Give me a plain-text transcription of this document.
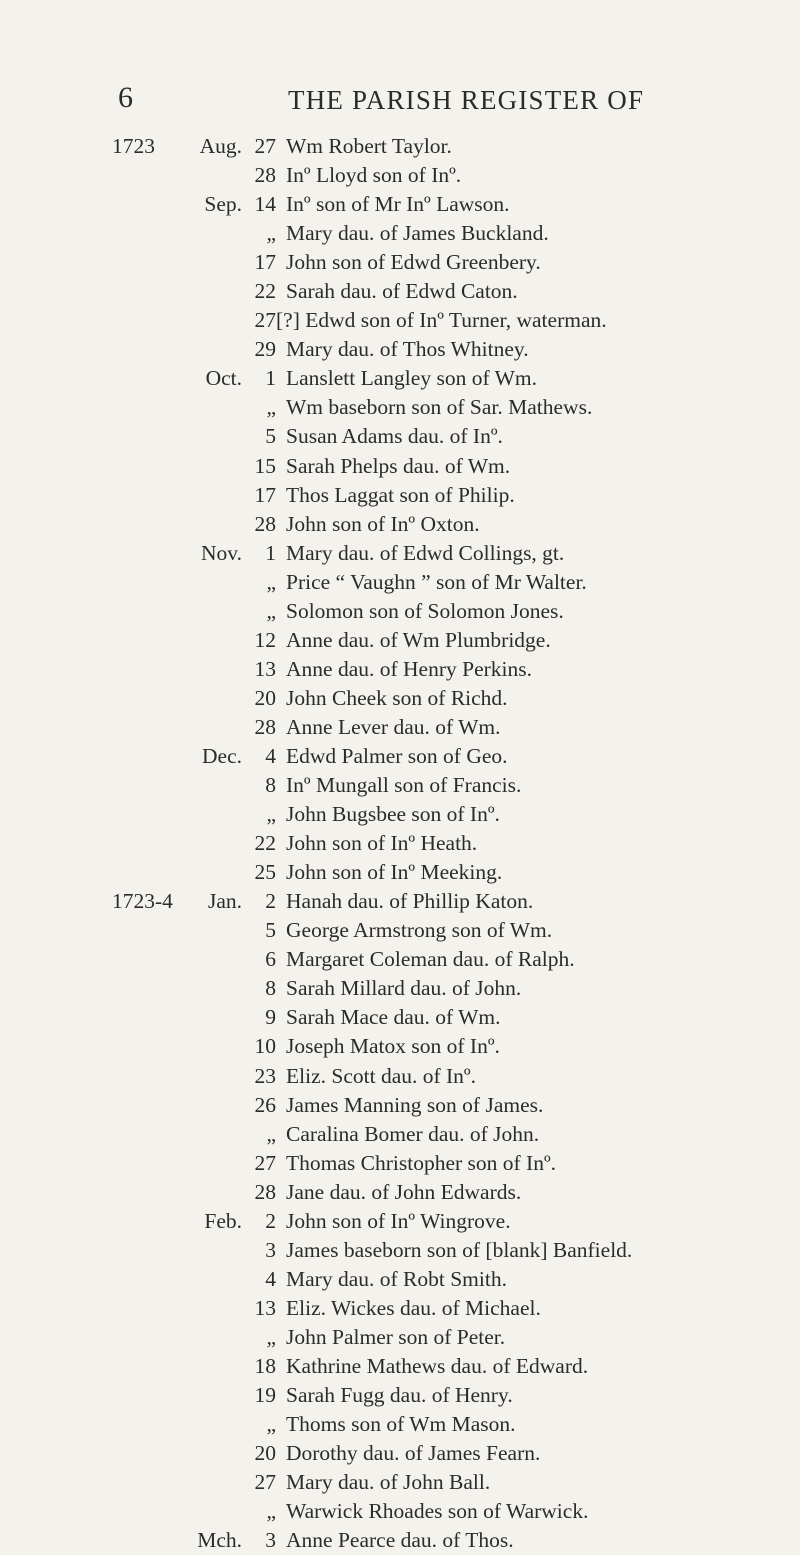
6	THE PARISH REGISTER OF
1723 Aug. 27 Wm Robert Taylor.
28 Inº Lloyd son of Inº.
Sep. 14 Inº son of Mr Inº Lawson.
„ Mary dau. of James Buckland.
17 John son of Edwd Greenbery.
22 Sarah dau. of Edwd Caton.
27 [?] Edwd son of Inº Turner, waterman.
29 Mary dau. of Thos Whitney.
Oct. 1 Lanslett Langley son of Wm.
„ Wm baseborn son of Sar. Mathews.
5 Susan Adams dau. of Inº.
15 Sarah Phelps dau. of Wm.
17 Thos Laggat son of Philip.
28 John son of Inº Oxton.
Nov. 1 Mary dau. of Edwd Collings, gt.
„ Price “ Vaughn ” son of Mr Walter.
„ Solomon son of Solomon Jones.
12 Anne dau. of Wm Plumbridge.
13 Anne dau. of Henry Perkins.
20 John Cheek son of Richd.
28 Anne Lever dau. of Wm.
Dec. 4 Edwd Palmer son of Geo.
8 Inº Mungall son of Francis.
„ John Bugsbee son of Inº.
22 John son of Inº Heath.
25 John son of Inº Meeking.
1723-4 Jan. 2 Hanah dau. of Phillip Katon.
5 George Armstrong son of Wm.
6 Margaret Coleman dau. of Ralph.
8 Sarah Millard dau. of John.
9 Sarah Mace dau. of Wm.
10 Joseph Matox son of Inº.
23 Eliz. Scott dau. of Inº.
26 James Manning son of James.
„ Caralina Bomer dau. of John.
27 Thomas Christopher son of Inº.
28 Jane dau. of John Edwards.
Feb. 2 John son of Inº Wingrove.
3 James baseborn son of [blank] Banfield.
4 Mary dau. of Robt Smith.
13 Eliz. Wickes dau. of Michael.
„ John Palmer son of Peter.
18 Kathrine Mathews dau. of Edward.
19 Sarah Fugg dau. of Henry.
„ Thoms son of Wm Mason.
20 Dorothy dau. of James Fearn.
27 Mary dau. of John Ball.
„ Warwick Rhoades son of Warwick.
Mch. 3 Anne Pearce dau. of Thos.
